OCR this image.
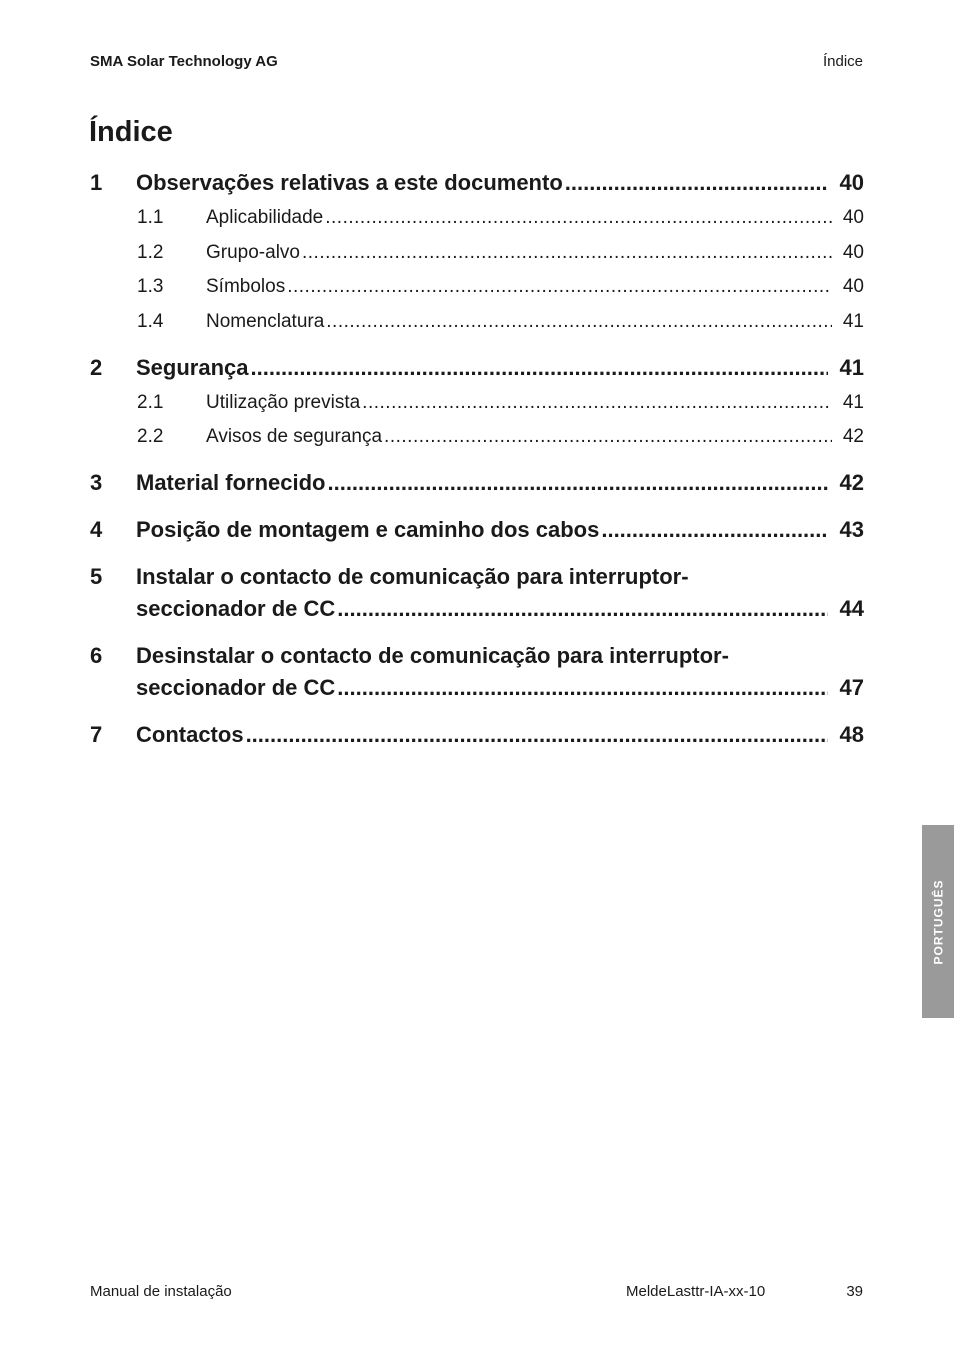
SMA Solar Technology AG	Índice
Índice
1 Observações relativas a este documento .....	40
1.1 Aplicabilidade .....	40
1.2 Grupo-alvo .....	40
1.3 Símbolos .....	40
1.4 Nomenclatura .....	41
2 Segurança .....	41
2.1 Utilização prevista .....	41
2.2 Avisos de segurança .....	42
3 Material fornecido .....	42
4 Posição de montagem e caminho dos cabos .....	43
5 Instalar o contacto de comunicação para interruptor-
seccionador de CC .....	44
6 Desinstalar o contacto de comunicação para interruptor-
seccionador de CC .....	47
7 Contactos .....	48
PORTUGUÊS
Manual de instalação	MeldeLasttr-IA-xx-10	39
